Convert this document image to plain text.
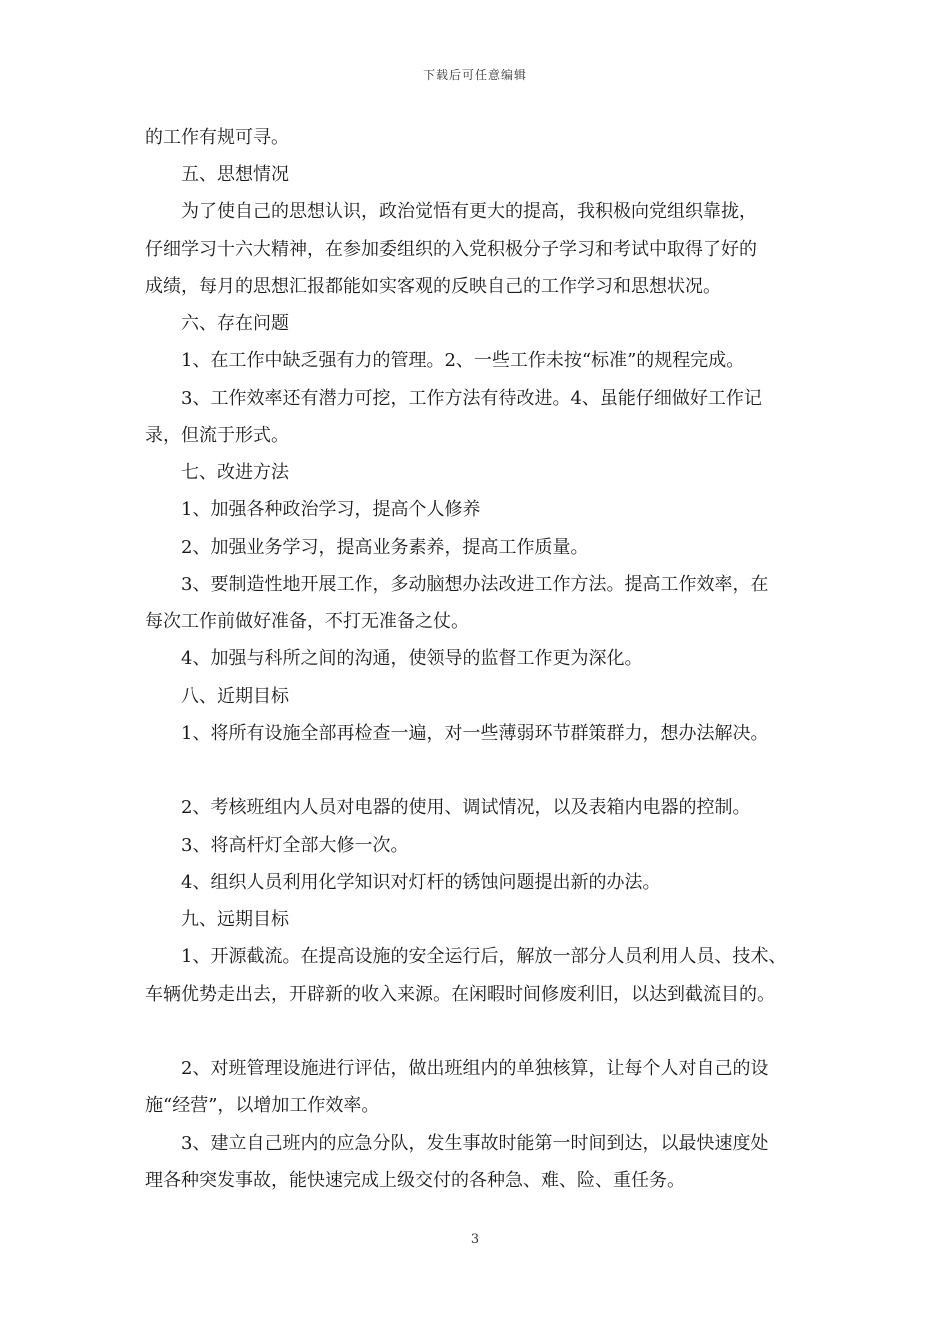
下载后可任意编辑
的工作有规可寻。
五、思想情况
为了使自己的思想认识，政治觉悟有更大的提高，我积极向党组织靠拢，
仔细学习十六大精神，在参加委组织的入党积极分子学习和考试中取得了好的
成绩，每月的思想汇报都能如实客观的反映自己的工作学习和思想状况。
六、存在问题
1、在工作中缺乏强有力的管理。2、一些工作未按“标准”的规程完成。
3、工作效率还有潜力可挖，工作方法有待改进。4、虽能仔细做好工作记
录，但流于形式。
七、改进方法
1、加强各种政治学习，提高个人修养
2、加强业务学习，提高业务素养，提高工作质量。
3、要制造性地开展工作，多动脑想办法改进工作方法。提高工作效率，在
每次工作前做好准备，不打无准备之仗。
4、加强与科所之间的沟通，使领导的监督工作更为深化。
八、近期目标
1、将所有设施全部再检查一遍，对一些薄弱环节群策群力，想办法解决。
2、考核班组内人员对电器的使用、调试情况，以及表箱内电器的控制。
3、将高杆灯全部大修一次。
4、组织人员利用化学知识对灯杆的锈蚀问题提出新的办法。
九、远期目标
1、开源截流。在提高设施的安全运行后，解放一部分人员利用人员、技术、
车辆优势走出去，开辟新的收入来源。在闲暇时间修废利旧，以达到截流目的。
2、对班管理设施进行评估，做出班组内的单独核算，让每个人对自己的设
施“经营”，以增加工作效率。
3、建立自己班内的应急分队，发生事故时能第一时间到达，以最快速度处
理各种突发事故，能快速完成上级交付的各种急、难、险、重任务。
3
